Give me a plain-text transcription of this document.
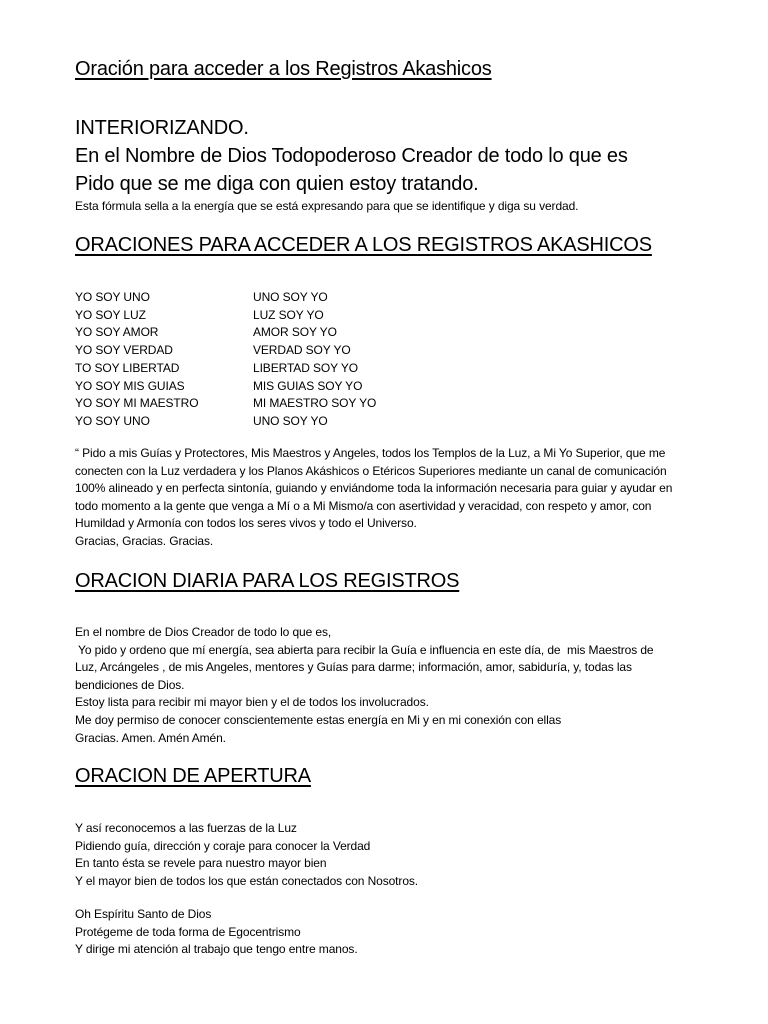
Oración para acceder a los Registros Akashicos
INTERIORIZANDO.
En el Nombre de Dios Todopoderoso Creador de todo lo que es
Pido que se me diga con quien estoy tratando.
Esta fórmula sella a la energía que se está expresando para que se identifique y diga su verdad.
ORACIONES PARA ACCEDER A LOS REGISTROS AKASHICOS
YO SOY UNO
YO SOY LUZ
YO SOY AMOR
YO SOY VERDAD
TO SOY LIBERTAD
YO SOY MIS GUIAS
YO SOY MI MAESTRO
YO SOY UNO
UNO SOY YO
LUZ SOY YO
AMOR SOY YO
VERDAD SOY YO
LIBERTAD SOY YO
MIS GUIAS SOY YO
MI MAESTRO SOY YO
UNO SOY YO
“ Pido a mis Guías y Protectores, Mis Maestros y Angeles, todos los Templos de la Luz, a Mi Yo Superior, que me
conecten con la Luz verdadera y los Planos Akáshicos o Etéricos Superiores mediante un canal de comunicación
100% alineado y en perfecta sintonía, guiando y enviándome toda la información necesaria para guiar y ayudar en
todo momento a la gente que venga a Mí o a Mi Mismo/a con asertividad y veracidad, con respeto y amor, con
Humildad y Armonía con todos los seres vivos y todo el Universo.
Gracias, Gracias. Gracias.
ORACION DIARIA PARA LOS REGISTROS
En el nombre de Dios Creador de todo lo que es,
Yo pido y ordeno que mí energía, sea abierta para recibir la Guía e influencia en este día, de  mis Maestros de
Luz, Arcángeles , de mis Angeles, mentores y Guías para darme; información, amor, sabiduría, y, todas las
bendiciones de Dios.
Estoy lista para recibir mi mayor bien y el de todos los involucrados.
Me doy permiso de conocer conscientemente estas energía en Mi y en mi conexión con ellas
Gracias. Amen. Amén Amén.
ORACION DE APERTURA
Y así reconocemos a las fuerzas de la Luz
Pidiendo guía, dirección y coraje para conocer la Verdad
En tanto ésta se revele para nuestro mayor bien
Y el mayor bien de todos los que están conectados con Nosotros.
Oh Espíritu Santo de Dios
Protégeme de toda forma de Egocentrismo
Y dirige mi atención al trabajo que tengo entre manos.
